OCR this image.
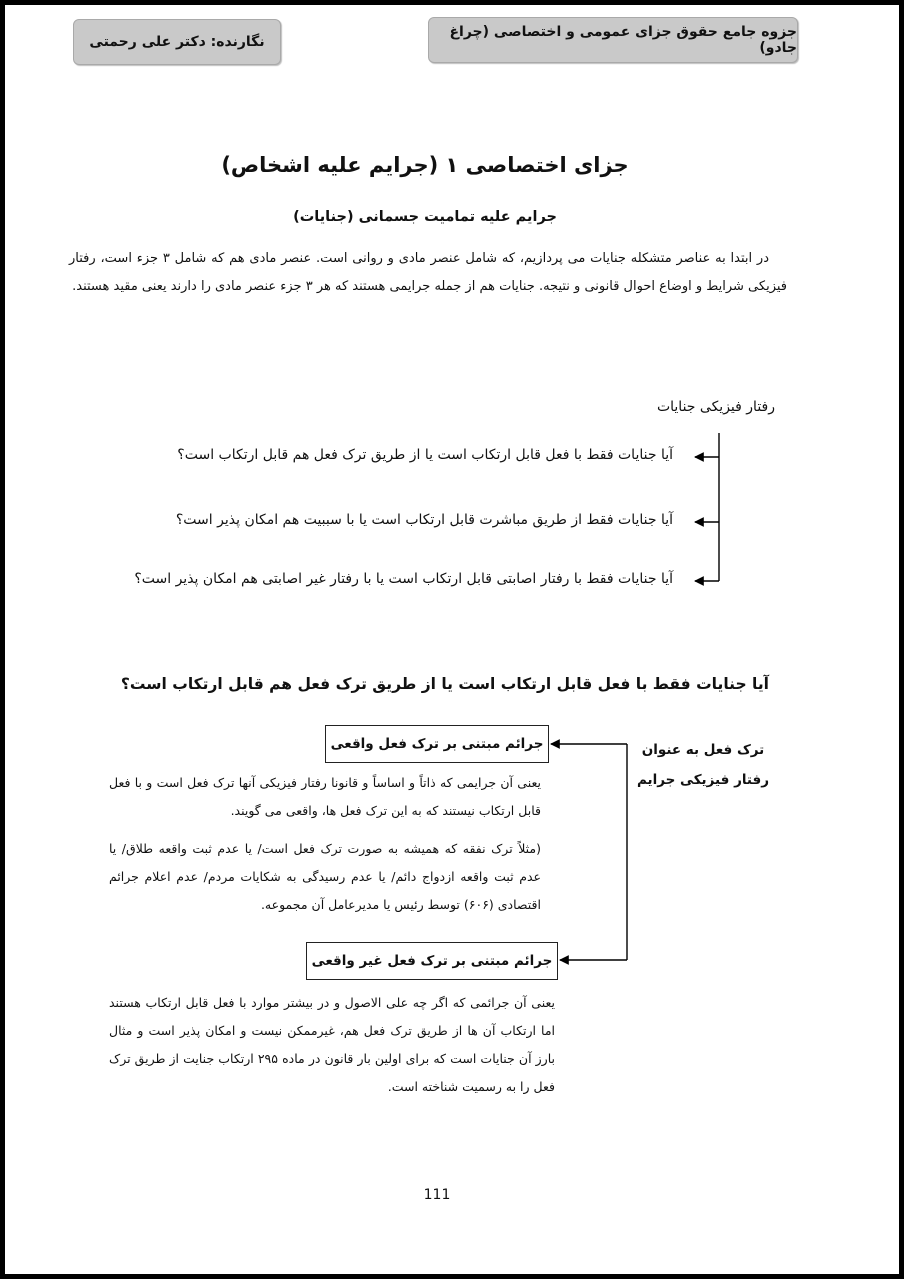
جزوه جامع حقوق جزای عمومی و اختصاصی (چراغ جادو)
نگارنده: دکتر علی رحمتی
جزای اختصاصی ۱ (جرایم علیه اشخاص)
جرایم علیه تمامیت جسمانی (جنایات)

در ابتدا به عناصر متشکله جنایات می پردازیم، که شامل عنصر مادی و روانی است. عنصر مادی هم که شامل ۳ جزء است، رفتار فیزیکی شرایط و اوضاع احوال قانونی و نتیجه. جنایات هم از جمله جرایمی هستند که هر ۳ جزء عنصر مادی را دارند یعنی مقید هستند.

رفتار فیزیکی جنایات
آیا جنایات فقط با فعل قابل ارتکاب است یا از طریق ترک فعل هم قابل ارتکاب است؟
آیا جنایات فقط از طریق مباشرت قابل ارتکاب است یا با سببیت هم امکان پذیر است؟
آیا جنایات فقط با رفتار اصابتی قابل ارتکاب است یا با رفتار غیر اصابتی هم امکان پذیر است؟
آیا جنایات فقط با فعل قابل ارتکاب است یا از طریق ترک فعل هم قابل ارتکاب است؟
ترک فعل به عنوان
رفتار فیزیکی جرایم
جرائم مبتنی بر ترک فعل واقعی

یعنی آن جرایمی که ذاتاً و اساساً و قانونا رفتار فیزیکی آنها ترک فعل است و با فعل قابل ارتکاب نیستند که به این ترک فعل ها، واقعی می گویند.

(مثلاً ترک نفقه که همیشه به صورت ترک فعل است/ یا عدم ثبت واقعه طلاق/ یا عدم ثبت واقعه ازدواج دائم/ یا عدم رسیدگی به شکایات مردم/ عدم اعلام جرائم اقتصادی (۶۰۶) توسط رئیس یا مدیرعامل آن مجموعه.

جرائم مبتنی بر ترک فعل غیر واقعی

یعنی آن جرائمی که اگر چه علی الاصول و در بیشتر موارد با فعل قابل ارتکاب هستند اما ارتکاب آن ها از طریق ترک فعل هم، غیرممکن نیست و امکان پذیر است و مثال بارز آن جنایات است که برای اولین بار قانون در ماده ۲۹۵ ارتکاب جنایت از طریق ترک فعل را به رسمیت شناخته است.

111
